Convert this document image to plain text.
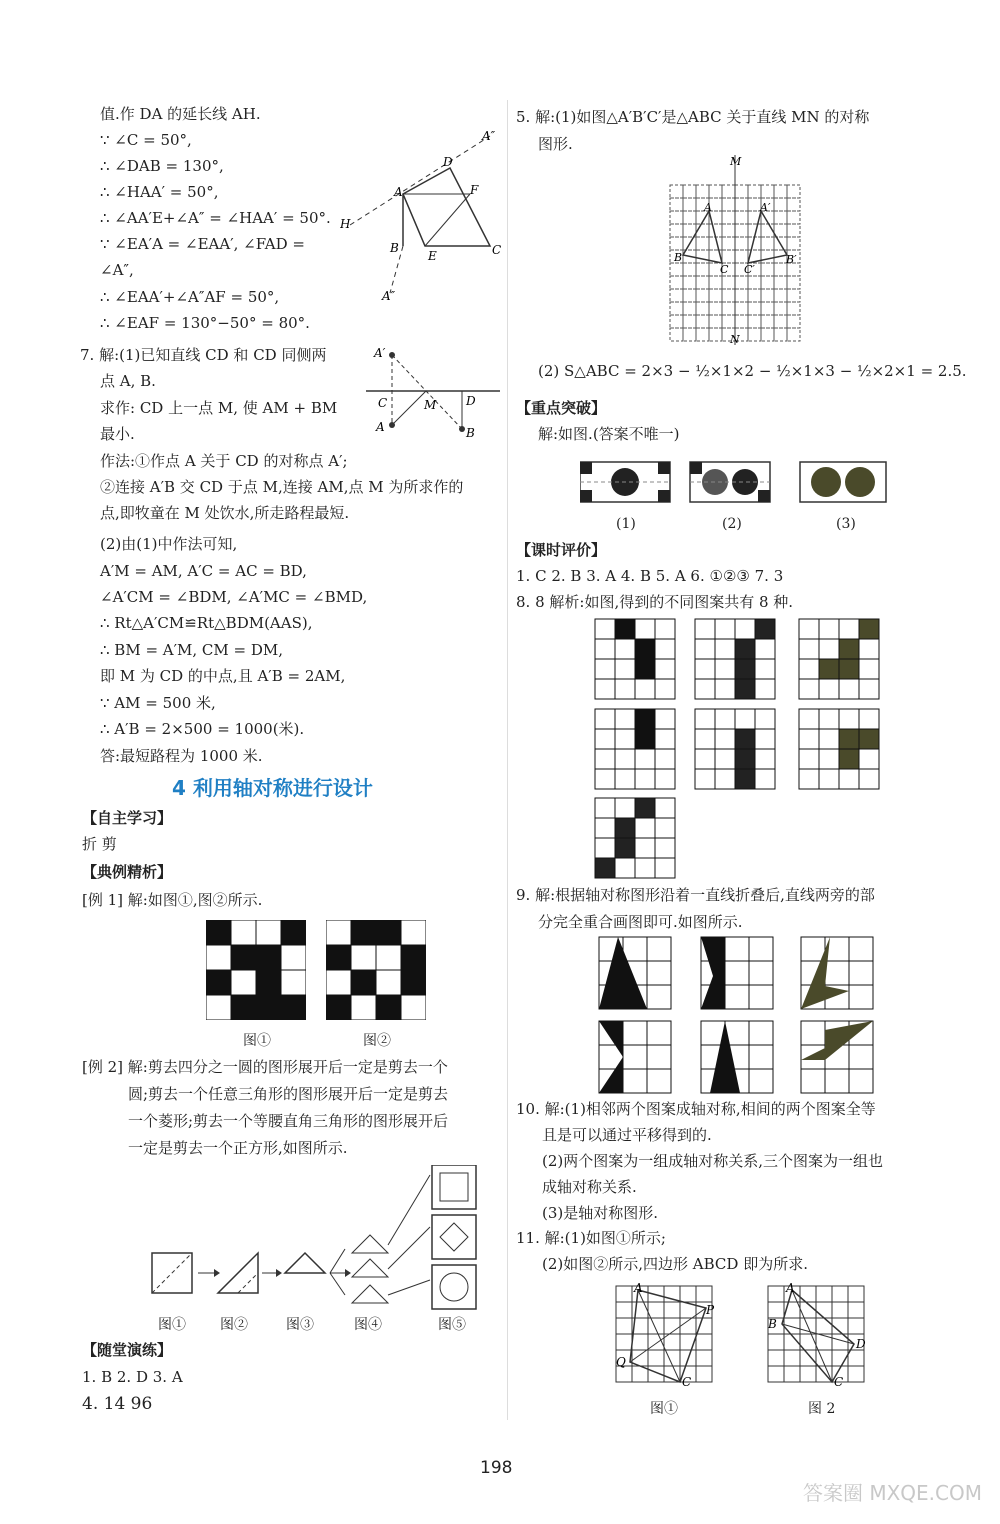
H
A
D
F
A″
B
E	C
A″
A′
C	M D
A	B
4 利用轴对称进行设计
【自主学习】
折 剪
【典例精析】
[例 1] 解:如图①,图②所示.
图①	图②
【随堂演练】
1. B 2. D 3. A
4. 14 96
M
N
A
B
C
A′
B′
C′
(2) S△ABC = 2×3 − ½×1×2 − ½×1×3 − ½×2×1 = 2.5.
【重点突破】
解:如图.(答案不唯一)
【课时评价】
1. C 2. B 3. A 4. B 5. A 6. ①②③ 7. 3
8. 8 解析:如图,得到的不同图案共有 8 种.
A
P
Q
C
A
B
D
C
198
答案圈 MXQE.COM
值.作 DA 的延长线 AH.
∵ ∠C = 50°,
∴ ∠DAB = 130°,
∴ ∠HAA′ = 50°,
∴ ∠AA′E+∠A″ = ∠HAA′ = 50°.
∵ ∠EA′A = ∠EAA′, ∠FAD =
∠A″,
∴ ∠EAA′+∠A″AF = 50°,
∴ ∠EAF = 130°−50° = 80°.
7. 解:(1)已知直线 CD 和 CD 同侧两
点 A, B.
求作: CD 上一点 M, 使 AM + BM
最小.
作法:①作点 A 关于 CD 的对称点 A′;
②连接 A′B 交 CD 于点 M,连接 AM,点 M 为所求作的
点,即牧童在 M 处饮水,所走路程最短.
(2)由(1)中作法可知,
A′M = AM, A′C = AC = BD,
∠A′CM = ∠BDM, ∠A′MC = ∠BMD,
∴ Rt△A′CM≌Rt△BDM(AAS),
∴ BM = A′M, CM = DM,
即 M 为 CD 的中点,且 A′B = 2AM,
∵ AM = 500 米,
∴ A′B = 2×500 = 1000(米).
答:最短路程为 1000 米.
[例 2] 解:剪去四分之一圆的图形展开后一定是剪去一个
圆;剪去一个任意三角形的图形展开后一定是剪去
一个菱形;剪去一个等腰直角三角形的图形展开后
一定是剪去一个正方形,如图所示.
图① 图②	图③	图④	图⑤
5. 解:(1)如图△A′B′C′是△ABC 关于直线 MN 的对称
图形.
(1)	(2)	(3)
9. 解:根据轴对称图形沿着一直线折叠后,直线两旁的部
分完全重合画图即可.如图所示.
10. 解:(1)相邻两个图案成轴对称,相间的两个图案全等
且是可以通过平移得到的.
(2)两个图案为一组成轴对称关系,三个图案为一组也
成轴对称关系.
(3)是轴对称图形.
11. 解:(1)如图①所示;
(2)如图②所示,四边形 ABCD 即为所求.
图①	图 2
